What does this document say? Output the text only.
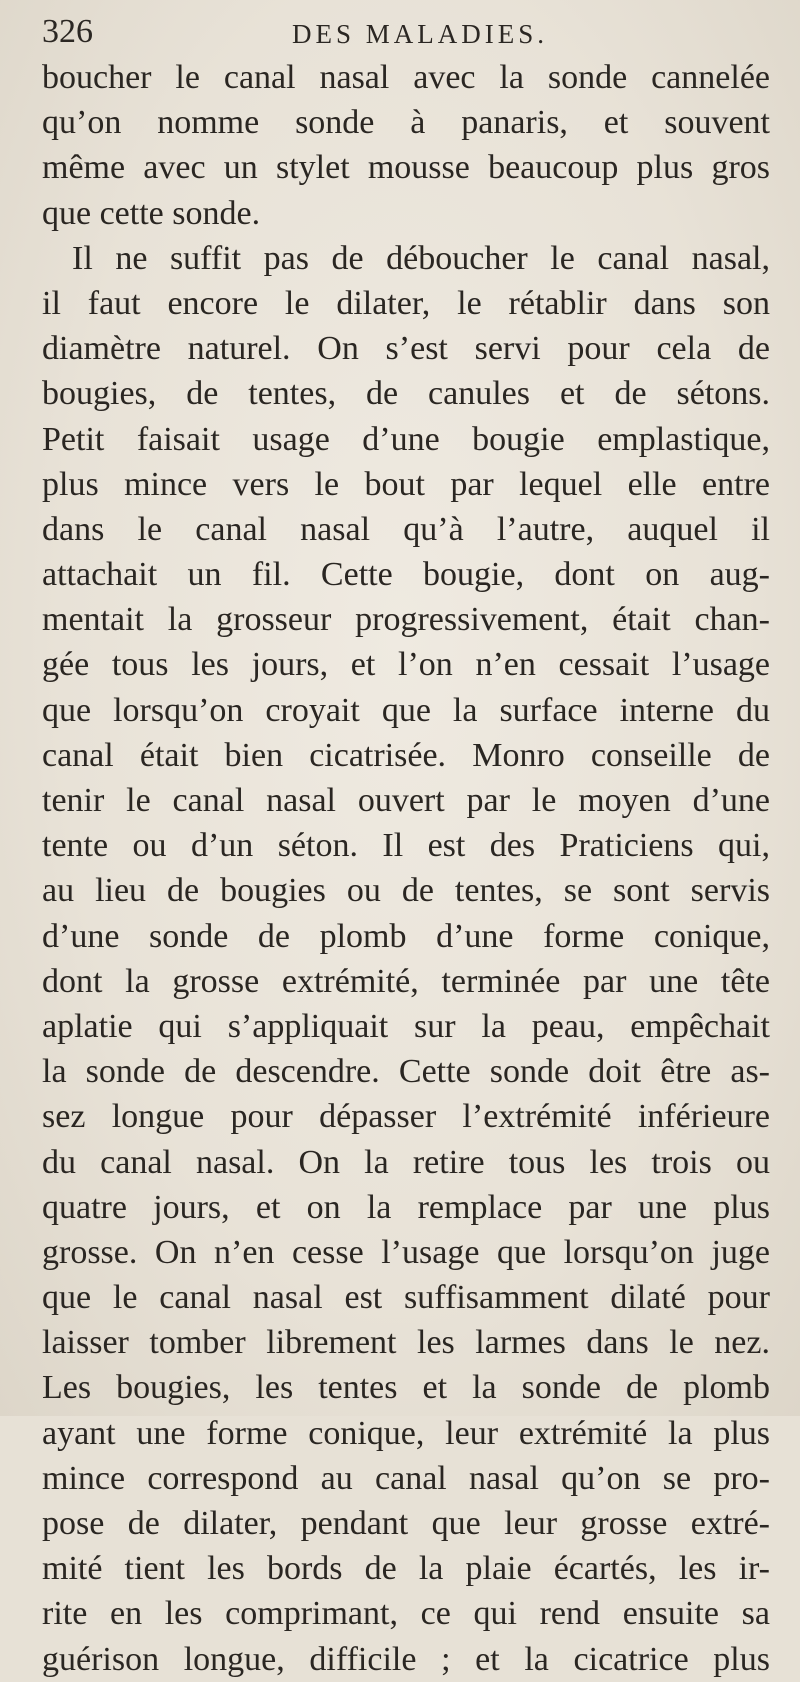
326	DES MALADIES.
boucher le canal nasal avec la sonde cannelée
qu’on nomme sonde à panaris, et souvent
même avec un stylet mousse beaucoup plus gros
que cette sonde.
Il ne suffit pas de déboucher le canal nasal,
il faut encore le dilater, le rétablir dans son
diamètre naturel. On s’est servi pour cela de
bougies, de tentes, de canules et de sétons.
Petit faisait usage d’une bougie emplastique,
plus mince vers le bout par lequel elle entre
dans le canal nasal qu’à l’autre, auquel il
attachait un fil. Cette bougie, dont on aug-
mentait la grosseur progressivement, était chan-
gée tous les jours, et l’on n’en cessait l’usage
que lorsqu’on croyait que la surface interne du
canal était bien cicatrisée. Monro conseille de
tenir le canal nasal ouvert par le moyen d’une
tente ou d’un séton. Il est des Praticiens qui,
au lieu de bougies ou de tentes, se sont servis
d’une sonde de plomb d’une forme conique,
dont la grosse extrémité, terminée par une tête
aplatie qui s’appliquait sur la peau, empêchait
la sonde de descendre. Cette sonde doit être as-
sez longue pour dépasser l’extrémité inférieure
du canal nasal. On la retire tous les trois ou
quatre jours, et on la remplace par une plus
grosse. On n’en cesse l’usage que lorsqu’on juge
que le canal nasal est suffisamment dilaté pour
laisser tomber librement les larmes dans le nez.
Les bougies, les tentes et la sonde de plomb
ayant une forme conique, leur extrémité la plus
mince correspond au canal nasal qu’on se pro-
pose de dilater, pendant que leur grosse extré-
mité tient les bords de la plaie écartés, les ir-
rite en les comprimant, ce qui rend ensuite sa
guérison longue, difficile ; et la cicatrice plus
